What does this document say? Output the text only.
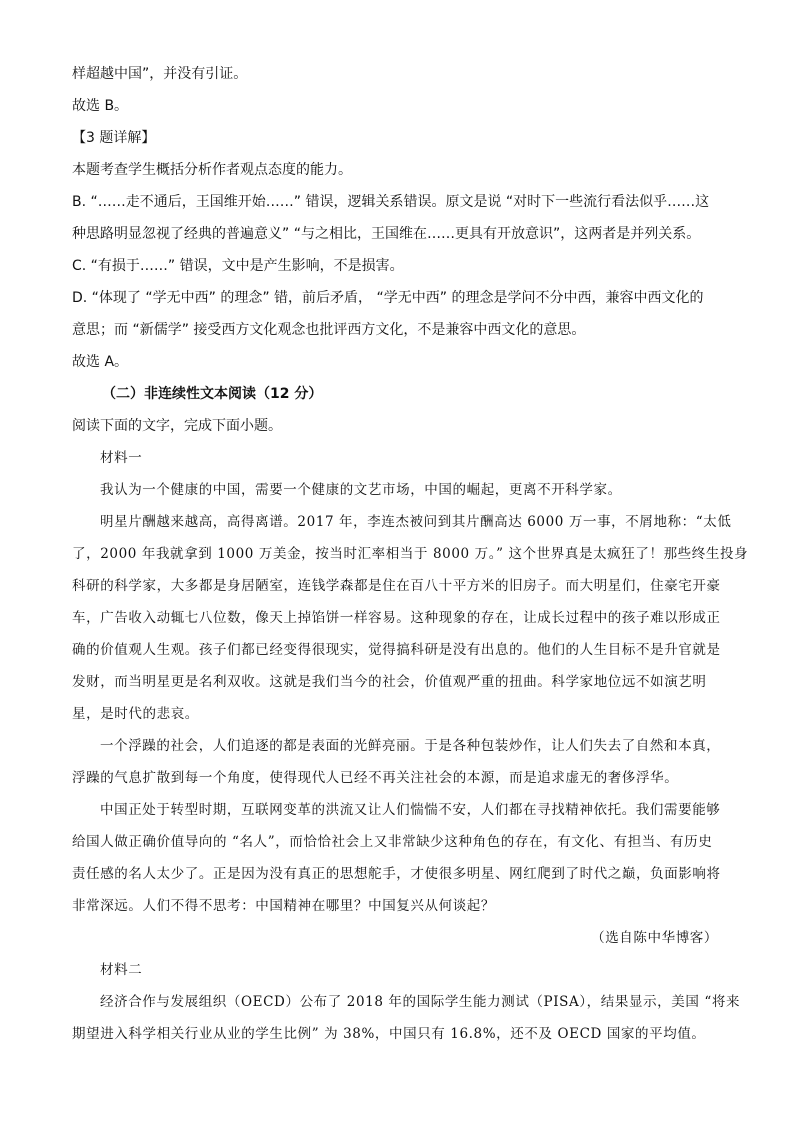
样超越中国”，并没有引证。
故选 B。
【3 题详解】
本题考查学生概括分析作者观点态度的能力。
B. “……走不通后，王国维开始……” 错误，逻辑关系错误。原文是说 “对时下一些流行看法似乎……这
种思路明显忽视了经典的普遍意义” “与之相比，王国维在……更具有开放意识”，这两者是并列关系。
C. “有损于……” 错误，文中是产生影响，不是损害。
D. “体现了 “学无中西” 的理念” 错，前后矛盾， “学无中西” 的理念是学问不分中西，兼容中西文化的
意思；而 “新儒学” 接受西方文化观念也批评西方文化，不是兼容中西文化的意思。
故选 A。
（二）非连续性文本阅读（12 分）
阅读下面的文字，完成下面小题。
材料一
我认为一个健康的中国，需要一个健康的文艺市场，中国的崛起，更离不开科学家。
明星片酬越来越高，高得离谱。2017 年，李连杰被问到其片酬高达 6000 万一事，不屑地称：“太低
了，2000 年我就拿到 1000 万美金，按当时汇率相当于 8000 万。” 这个世界真是太疯狂了！那些终生投身
科研的科学家，大多都是身居陋室，连钱学森都是住在百八十平方米的旧房子。而大明星们，住豪宅开豪
车，广告收入动辄七八位数，像天上掉馅饼一样容易。这种现象的存在，让成长过程中的孩子难以形成正
确的价值观人生观。孩子们都已经变得很现实，觉得搞科研是没有出息的。他们的人生目标不是升官就是
发财，而当明星更是名利双收。这就是我们当今的社会，价值观严重的扭曲。科学家地位远不如演艺明
星，是时代的悲哀。
一个浮躁的社会，人们追逐的都是表面的光鲜亮丽。于是各种包装炒作，让人们失去了自然和本真，
浮躁的气息扩散到每一个角度，使得现代人已经不再关注社会的本源，而是追求虚无的奢侈浮华。
中国正处于转型时期，互联网变革的洪流又让人们惴惴不安，人们都在寻找精神依托。我们需要能够
给国人做正确价值导向的 “名人”，而恰恰社会上又非常缺少这种角色的存在，有文化、有担当、有历史
责任感的名人太少了。正是因为没有真正的思想舵手，才使很多明星、网红爬到了时代之巅，负面影响将
非常深远。人们不得不思考：中国精神在哪里？中国复兴从何谈起？
（选自陈中华博客）
材料二
经济合作与发展组织（OECD）公布了 2018 年的国际学生能力测试（PISA），结果显示，美国 “将来
期望进入科学相关行业从业的学生比例” 为 38%，中国只有 16.8%，还不及 OECD 国家的平均值。
